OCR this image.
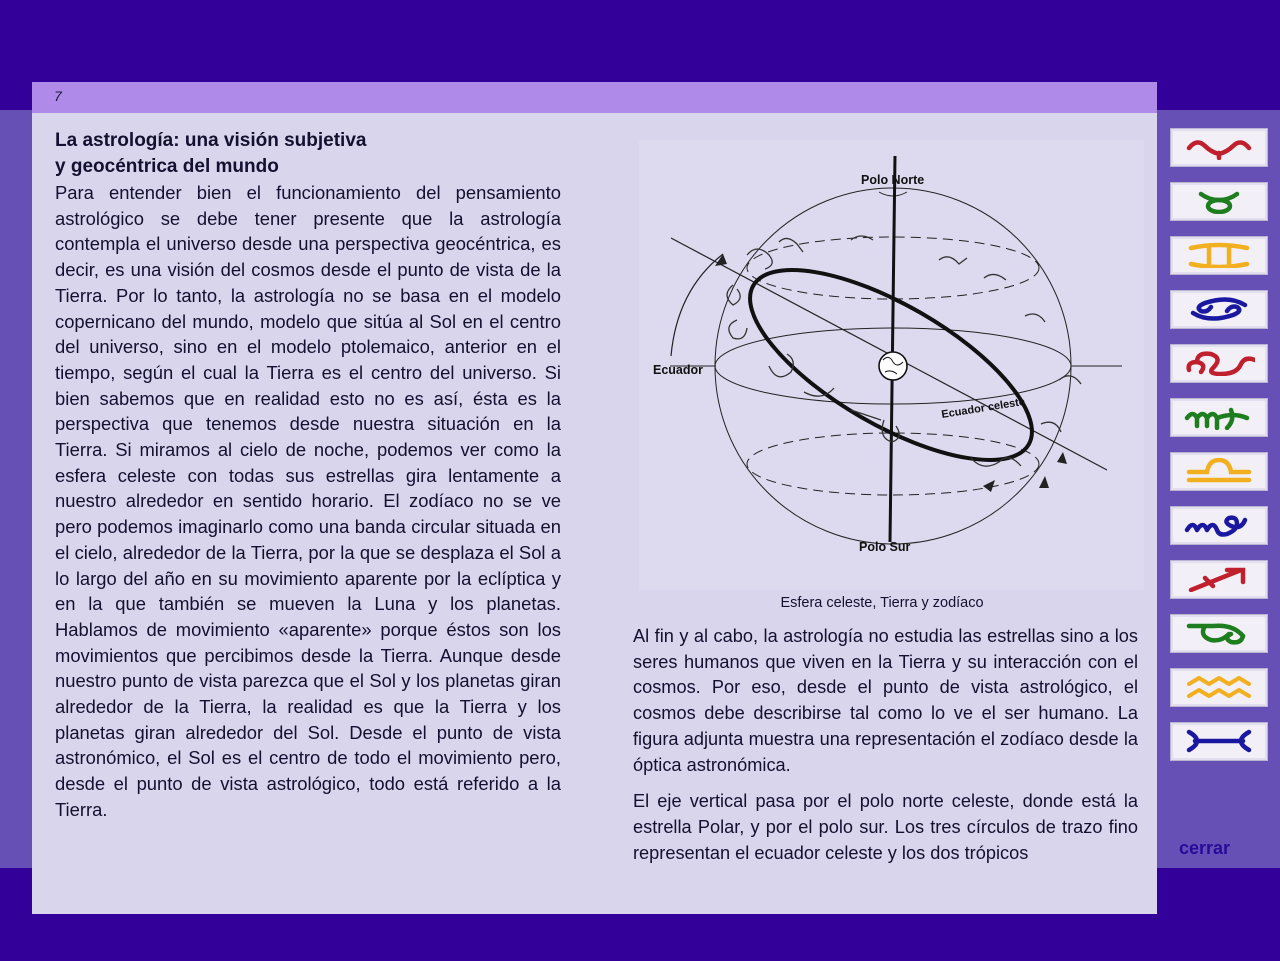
7
La astrología: una visión subjetiva
y geocéntrica del mundo
Para entender bien el funcionamiento del pensamiento astrológico se debe tener presente que la astrología contempla el universo desde una perspectiva geocéntrica, es decir, es una visión del cosmos desde el punto de vista de la Tierra. Por lo tanto, la astrología no se basa en el modelo copernicano del mundo, modelo que sitúa al Sol en el centro del universo, sino en el modelo ptolemaico, anterior en el tiempo, según el cual la Tierra es el centro del universo. Si bien sabemos que en realidad esto no es así, ésta es la perspectiva que tenemos desde nuestra situación en la Tierra. Si miramos al cielo de noche, podemos ver como la esfera celeste con todas sus estrellas gira lentamente a nuestro alrededor en sentido horario. El zodíaco no se ve pero podemos imaginarlo como una banda circular situada en el cielo, alrededor de la Tierra, por la que se desplaza el Sol a lo largo del año en su movimiento aparente por la eclíptica y en la que también se mueven la Luna y los planetas. Hablamos de movimiento «aparente» porque éstos son los movimientos que percibimos desde la Tierra. Aunque desde nuestro punto de vista parezca que el Sol y los planetas giran alrededor de la Tierra, la realidad es que la Tierra y los planetas giran alrededor del Sol. Desde el punto de vista astronómico, el Sol es el centro de todo el movimiento pero, desde el punto de vista astrológico, todo está referido a la Tierra.
Polo Norte
Polo Sur
Ecuador
Ecuador celeste
Esfera celeste, Tierra y zodíaco

Al fin y al cabo, la astrología no estudia las estrellas sino a los seres humanos que viven en la Tierra y su interacción con el cosmos. Por eso, desde el punto de vista astrológico, el cosmos debe describirse tal como lo ve el ser humano. La figura adjunta muestra una representación el zodíaco desde la óptica astronómica.

El eje vertical pasa por el polo norte celeste, donde está la estrella Polar, y por el polo sur. Los tres círculos de trazo fino representan el ecuador celeste y los dos trópicos	cerrar
